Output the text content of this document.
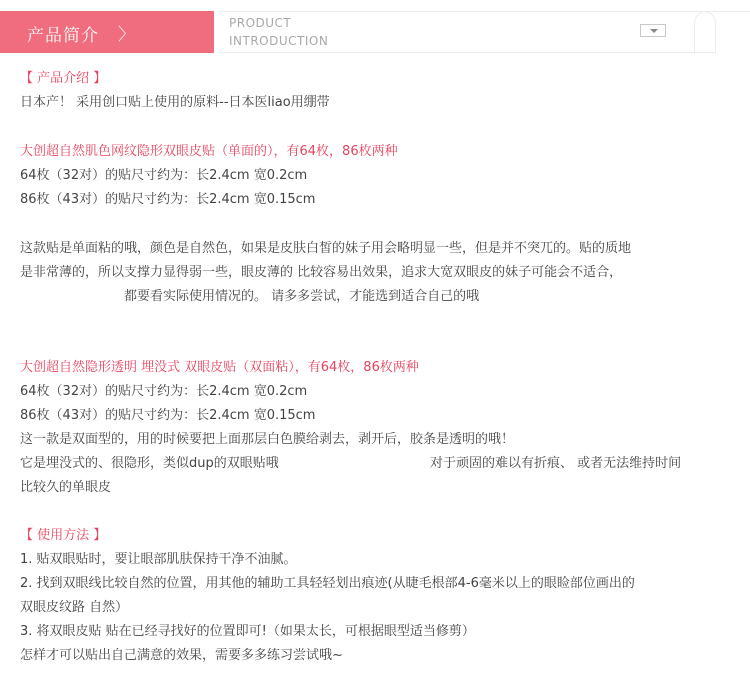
产品简介 〉
PRODUCT
INTRODUCTION
【 产品介绍 】
日本产！ 采用创口贴上使用的原料--日本医liao用绷带
大创超自然肌色网纹隐形双眼皮贴（单面的），有64枚，86枚两种
64枚（32对）的贴尺寸约为：长2.4cm 宽0.2cm
86枚（43对）的贴尺寸约为：长2.4cm 宽0.15cm
这款贴是单面粘的哦，颜色是自然色，如果是皮肤白皙的妹子用会略明显一些，但是并不突兀的。贴的质地
是非常薄的，所以支撑力显得弱一些，眼皮薄的 比较容易出效果，追求大宽双眼皮的妹子可能会不适合，
都要看实际使用情况的。 请多多尝试，才能选到适合自己的哦
大创超自然隐形透明 埋没式 双眼皮贴（双面粘），有64枚，86枚两种
64枚（32对）的贴尺寸约为：长2.4cm 宽0.2cm
86枚（43对）的贴尺寸约为：长2.4cm 宽0.15cm
这一款是双面型的，用的时候要把上面那层白色膜给剥去，剥开后，胶条是透明的哦！
它是埋没式的、很隐形，类似dup的双眼贴哦	对于顽固的难以有折痕、 或者无法维持时间
比较久的单眼皮
【 使用方法 】
1. 贴双眼贴时，要让眼部肌肤保持干净不油腻。
2. 找到双眼线比较自然的位置，用其他的辅助工具轻轻划出痕迹(从睫毛根部4-6毫米以上的眼睑部位画出的
双眼皮纹路 自然）
3. 将双眼皮贴 贴在已经寻找好的位置即可!（如果太长，可根据眼型适当修剪）
怎样才可以贴出自己满意的效果，需要多多练习尝试哦~
